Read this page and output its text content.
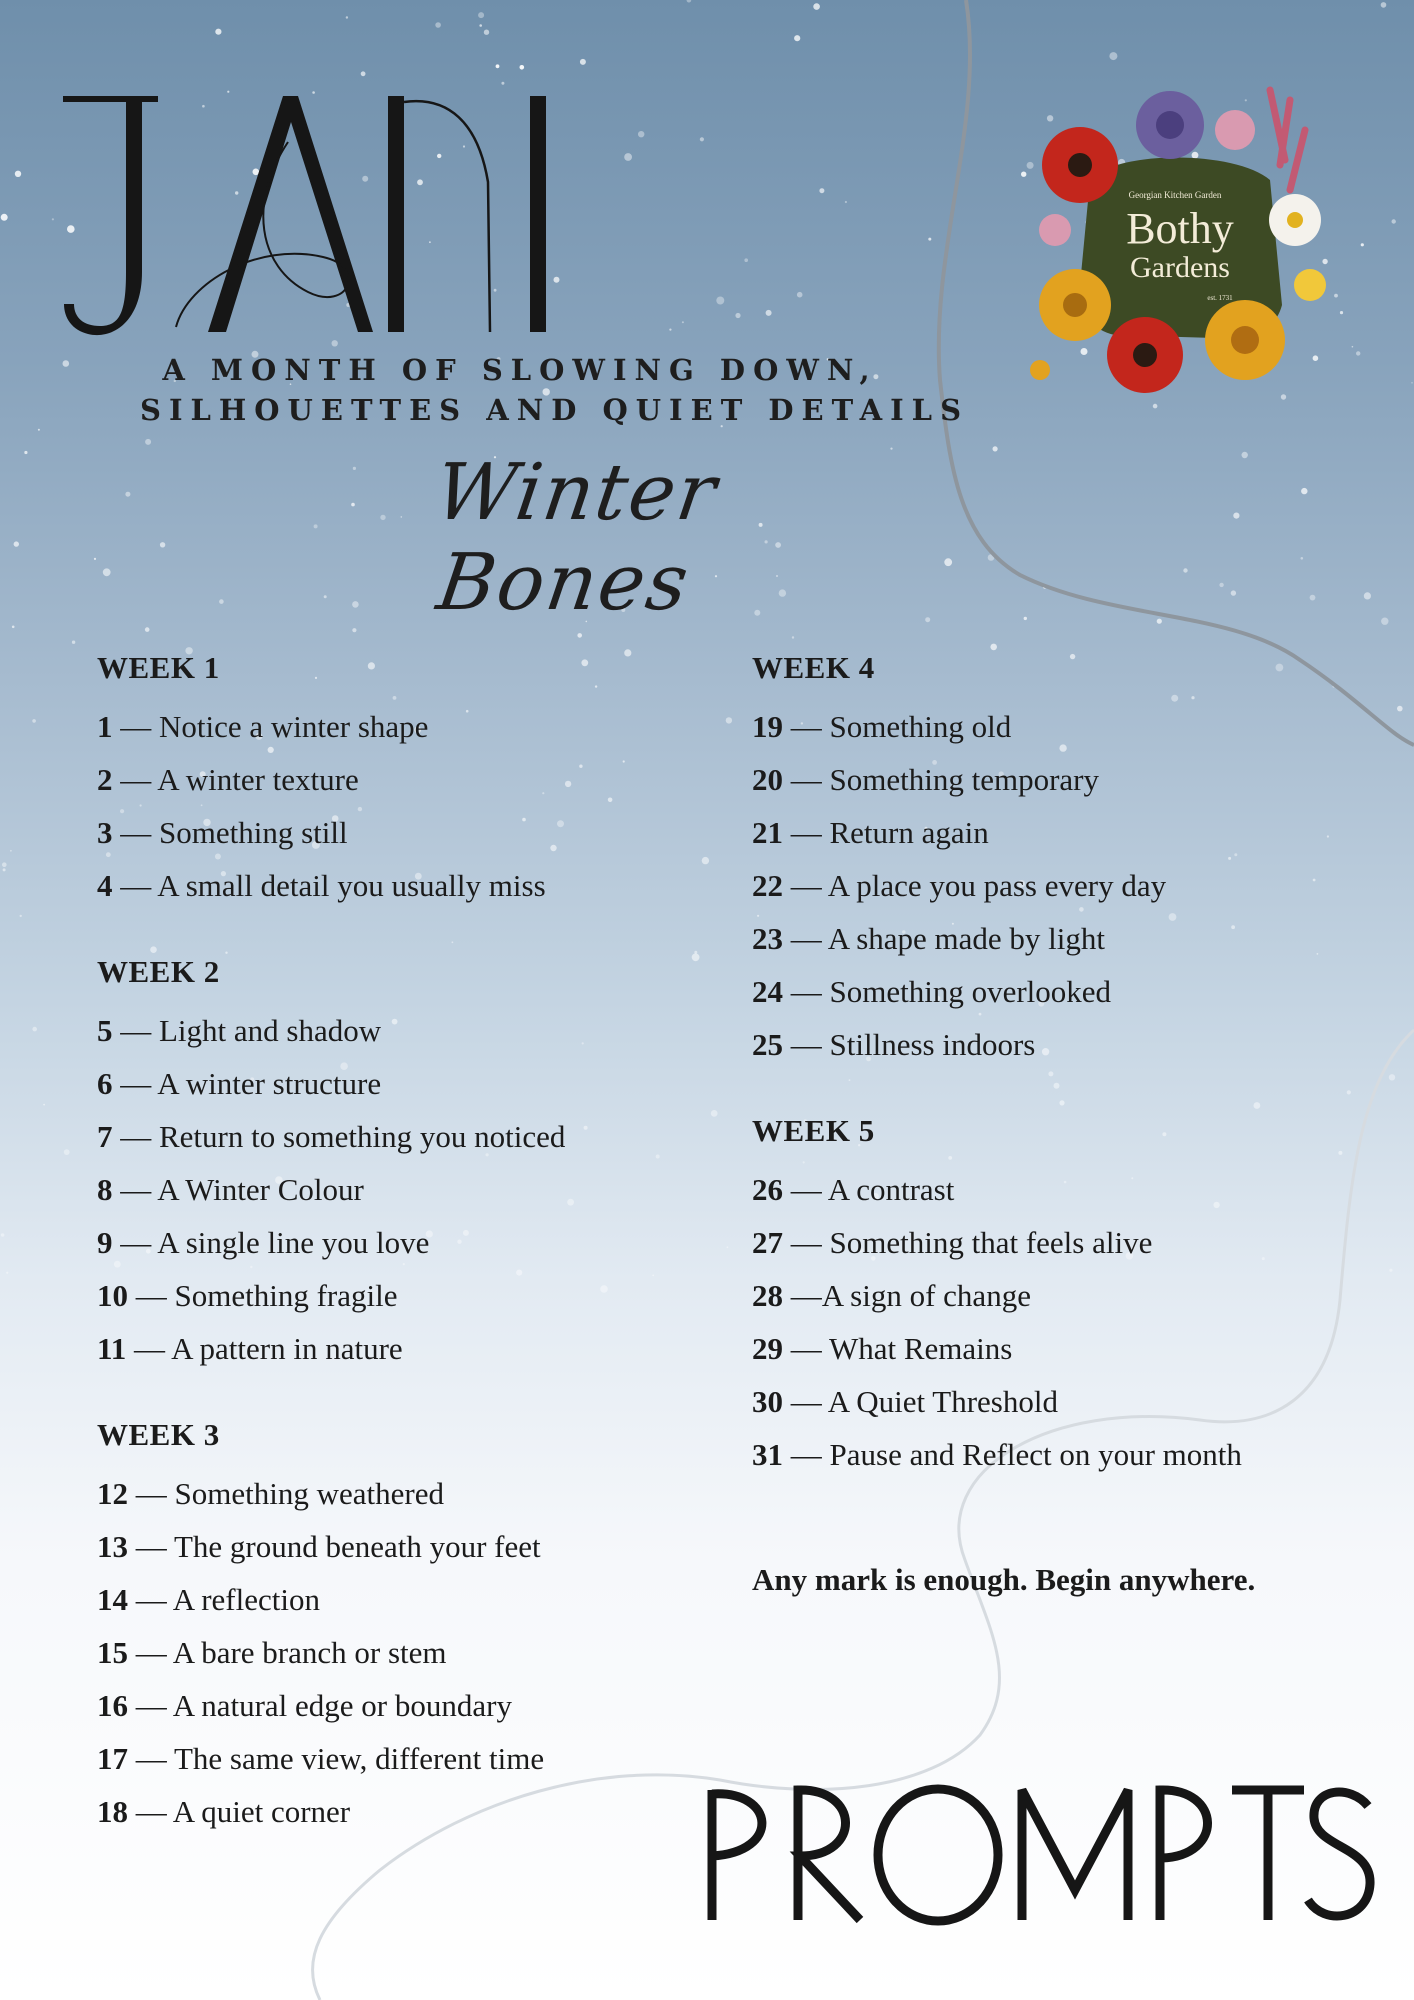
A MONTH OF SLOWING DOWN,
SILHOUETTES AND QUIET DETAILS
Winter Bones
Georgian Kitchen Garden
Bothy
Gardens
est. 1731
WEEK 1
1 — Notice a winter shape
2 — A winter texture
3 — Something still
4 — A small detail you usually miss
WEEK 2
5 — Light and shadow
6 — A winter structure
7 — Return to something you noticed
8 — A Winter Colour
9 — A single line you love
10 — Something fragile
11 — A pattern in nature
WEEK 3
12 — Something weathered
13 — The ground beneath your feet
14 — A reflection
15 — A bare branch or stem
16 — A natural edge or boundary
17 — The same view, different time
18 — A quiet corner
WEEK 4
19 — Something old
20 — Something temporary
21 — Return again
22 — A place you pass every day
23 — A shape made by light
24 — Something overlooked
25 — Stillness indoors
WEEK 5
26 — A contrast
27 — Something that feels alive
28 —A sign of change
29 — What Remains
30 — A Quiet Threshold
31 — Pause and Reflect on your month
Any mark is enough. Begin anywhere.
